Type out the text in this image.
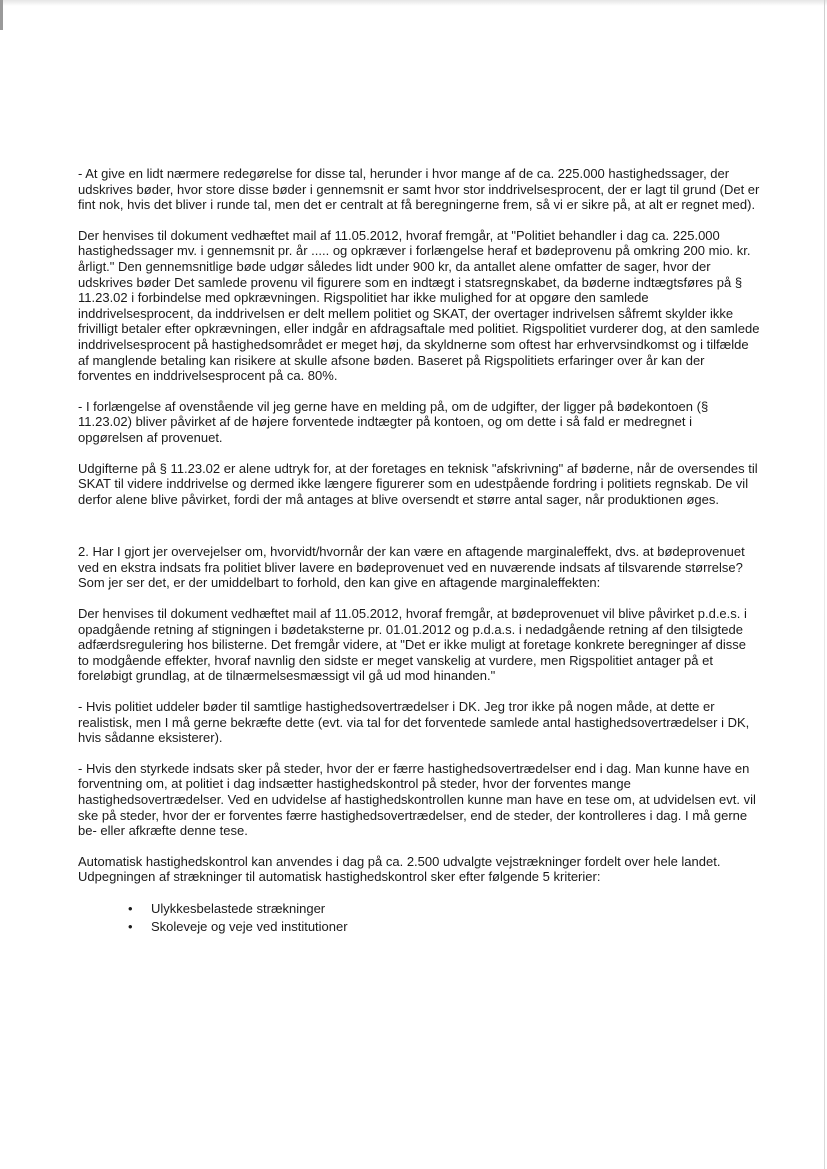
- At give en lidt nærmere redegørelse for disse tal, herunder i hvor mange af de ca. 225.000 hastighedssager, der udskrives bøder, hvor store disse bøder i gennemsnit er samt hvor stor inddrivelsesprocent, der er lagt til grund (Det er fint nok, hvis det bliver i runde tal, men det er centralt at få beregningerne frem, så vi er sikre på, at alt er regnet med).

Der henvises til dokument vedhæftet mail af 11.05.2012, hvoraf fremgår, at "Politiet behandler i dag ca. 225.000 hastighedssager mv. i gennemsnit pr. år ..... og opkræver i forlængelse heraf et bødeprovenu på omkring 200 mio. kr. årligt." Den gennemsnitlige bøde udgør således lidt under 900 kr, da antallet alene omfatter de sager, hvor der udskrives bøder Det samlede provenu vil figurere som en indtægt i statsregnskabet, da bøderne indtægtsføres på § 11.23.02 i forbindelse med opkrævningen. Rigspolitiet har ikke mulighed for at opgøre den samlede inddrivelsesprocent, da inddrivelsen er delt mellem politiet og SKAT, der overtager indrivelsen såfremt skylder ikke frivilligt betaler efter opkrævningen, eller indgår en afdragsaftale med politiet. Rigspolitiet vurderer dog, at den samlede inddrivelsesprocent på hastighedsområdet er meget høj, da skyldnerne som oftest har erhvervsindkomst og i tilfælde af manglende betaling kan risikere at skulle afsone bøden. Baseret på Rigspolitiets erfaringer over år kan der forventes en inddrivelsesprocent på ca. 80%.

- I forlængelse af ovenstående vil jeg gerne have en melding på, om de udgifter, der ligger på bødekontoen (§ 11.23.02) bliver påvirket af de højere forventede indtægter på kontoen, og om dette i så fald er medregnet i opgørelsen af provenuet.

Udgifterne på § 11.23.02 er alene udtryk for, at der foretages en teknisk "afskrivning" af bøderne, når de oversendes til SKAT til videre inddrivelse og dermed ikke længere figurerer som en udestpående fordring i politiets regnskab. De vil derfor alene blive påvirket, fordi der må antages at blive oversendt et større antal sager, når produktionen øges.

2. Har I gjort jer overvejelser om, hvorvidt/hvornår der kan være en aftagende marginaleffekt, dvs. at bødeprovenuet ved en ekstra indsats fra politiet bliver lavere en bødeprovenuet ved en nuværende indsats af tilsvarende størrelse? Som jer ser det, er der umiddelbart to forhold, den kan give en aftagende marginaleffekten:

Der henvises til dokument vedhæftet mail af 11.05.2012, hvoraf fremgår, at bødeprovenuet vil blive påvirket p.d.e.s. i opadgående retning af stigningen i bødetaksterne pr. 01.01.2012 og p.d.a.s. i nedadgående retning af den tilsigtede adfærdsregulering hos bilisterne. Det fremgår videre, at "Det er ikke muligt at foretage konkrete beregninger af disse to modgående effekter, hvoraf navnlig den sidste er meget vanskelig at vurdere, men Rigspolitiet antager på et foreløbigt grundlag, at de tilnærmelsesmæssigt vil gå ud mod hinanden."

- Hvis politiet uddeler bøder til samtlige hastighedsovertrædelser i DK. Jeg tror ikke på nogen måde, at dette er realistisk, men I må gerne bekræfte dette (evt. via tal for det forventede samlede antal hastighedsovertrædelser i DK, hvis sådanne eksisterer).

- Hvis den styrkede indsats sker på steder, hvor der er færre hastighedsovertrædelser end i dag. Man kunne have en forventning om, at politiet i dag indsætter hastighedskontrol på steder, hvor der forventes mange hastighedsovertrædelser. Ved en udvidelse af hastighedskontrollen kunne man have en tese om, at udvidelsen evt. vil ske på steder, hvor der er forventes færre hastighedsovertrædelser, end de steder, der kontrolleres i dag. I må gerne be- eller afkræfte denne tese.

Automatisk hastighedskontrol kan anvendes i dag på ca. 2.500 udvalgte vejstrækninger fordelt over hele landet. Udpegningen af strækninger til automatisk hastighedskontrol sker efter følgende 5 kriterier:

• Ulykkesbelastede strækninger
• Skoleveje og veje ved institutioner
